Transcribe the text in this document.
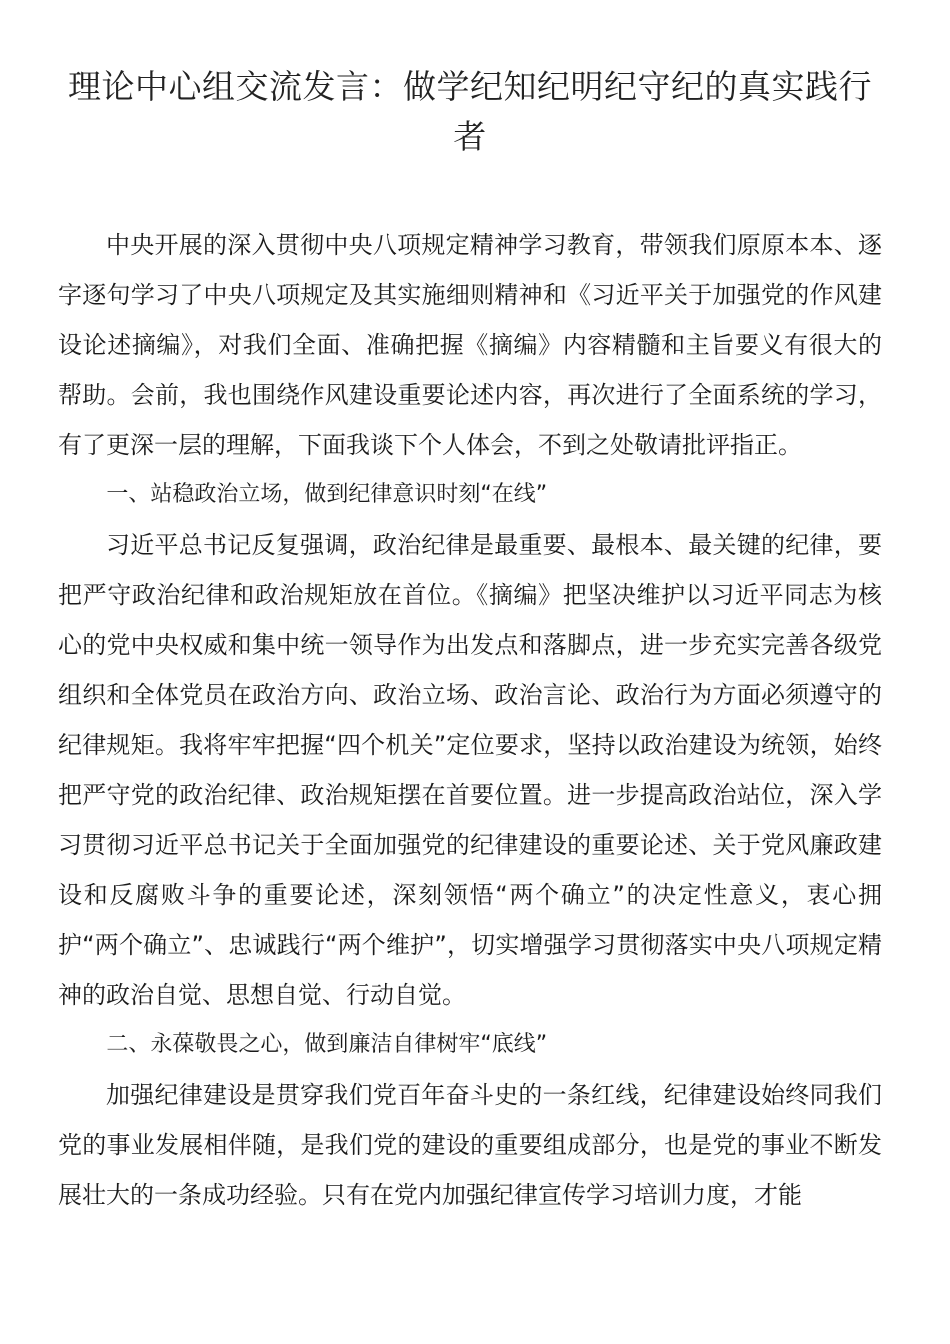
理论中心组交流发言：做学纪知纪明纪守纪的真实践行者

中央开展的深入贯彻中央八项规定精神学习教育，带领我们原原本本、逐字逐句学习了中央八项规定及其实施细则精神和《习近平关于加强党的作风建设论述摘编》，对我们全面、准确把握《摘编》内容精髓和主旨要义有很大的帮助。会前，我也围绕作风建设重要论述内容，再次进行了全面系统的学习，有了更深一层的理解，下面我谈下个人体会，不到之处敬请批评指正。

一、站稳政治立场，做到纪律意识时刻“在线”

习近平总书记反复强调，政治纪律是最重要、最根本、最关键的纪律，要把严守政治纪律和政治规矩放在首位。《摘编》把坚决维护以习近平同志为核心的党中央权威和集中统一领导作为出发点和落脚点，进一步充实完善各级党组织和全体党员在政治方向、政治立场、政治言论、政治行为方面必须遵守的纪律规矩。我将牢牢把握“四个机关”定位要求，坚持以政治建设为统领，始终把严守党的政治纪律、政治规矩摆在首要位置。进一步提高政治站位，深入学习贯彻习近平总书记关于全面加强党的纪律建设的重要论述、关于党风廉政建设和反腐败斗争的重要论述，深刻领悟“两个确立”的决定性意义，衷心拥护“两个确立”、忠诚践行“两个维护”，切实增强学习贯彻落实中央八项规定精神的政治自觉、思想自觉、行动自觉。

二、永葆敬畏之心，做到廉洁自律树牢“底线”

加强纪律建设是贯穿我们党百年奋斗史的一条红线，纪律建设始终同我们党的事业发展相伴随，是我们党的建设的重要组成部分，也是党的事业不断发展壮大的一条成功经验。只有在党内加强纪律宣传学习培训力度，才能
